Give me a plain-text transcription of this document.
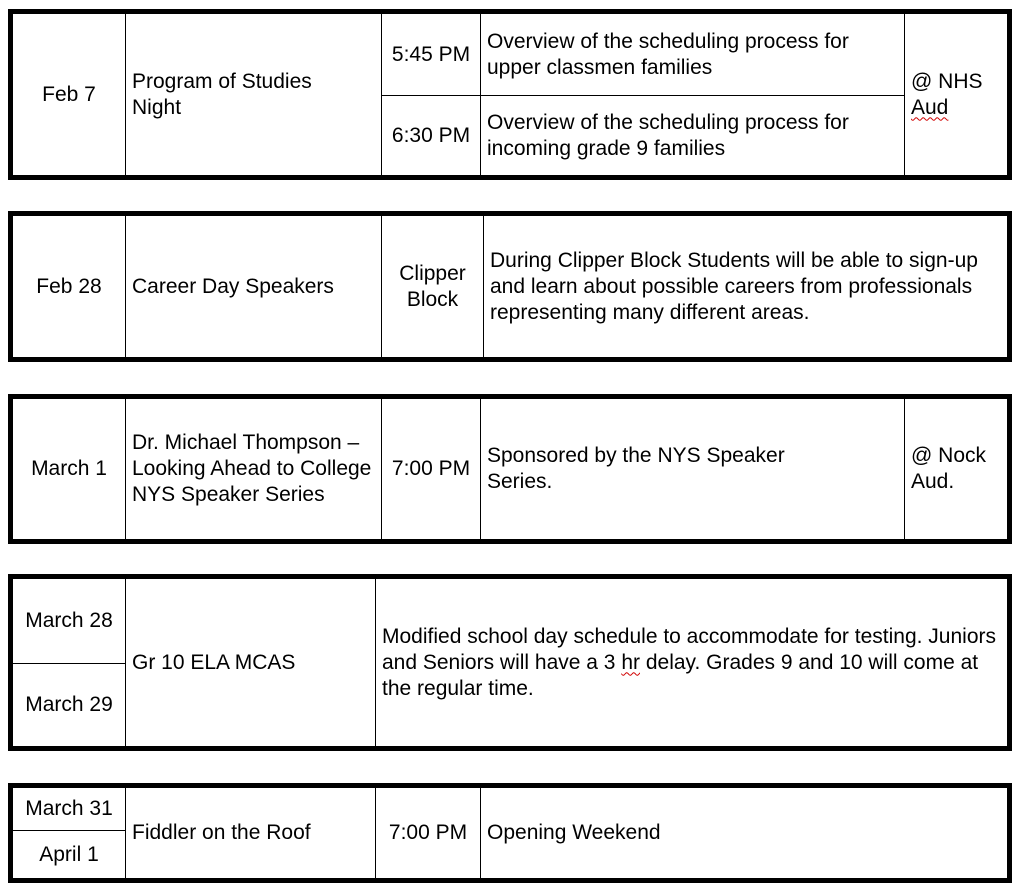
Feb 7
Program of Studies Night
5:45 PM
6:30 PM
Overview of the scheduling process for upper classmen families
Overview of the scheduling process for incoming grade 9 families
@ NHS
Aud
Feb 28 Career Day Speakers
Clipper Block
During Clipper Block Students will be able to sign-up and learn about possible careers from professionals representing many different areas.
March 1
Dr. Michael Thompson – Looking Ahead to College NYS Speaker Series
7:00 PM
Sponsored by the NYS Speaker Series.
@ Nock Aud.
March 28
March 29
Gr 10 ELA MCAS
Modified school day schedule to accommodate for testing. Juniors and Seniors will have a 3 hr delay. Grades 9 and 10 will come at the regular time.
March 31
April 1
Fiddler on the Roof	7:00 PM Opening Weekend
